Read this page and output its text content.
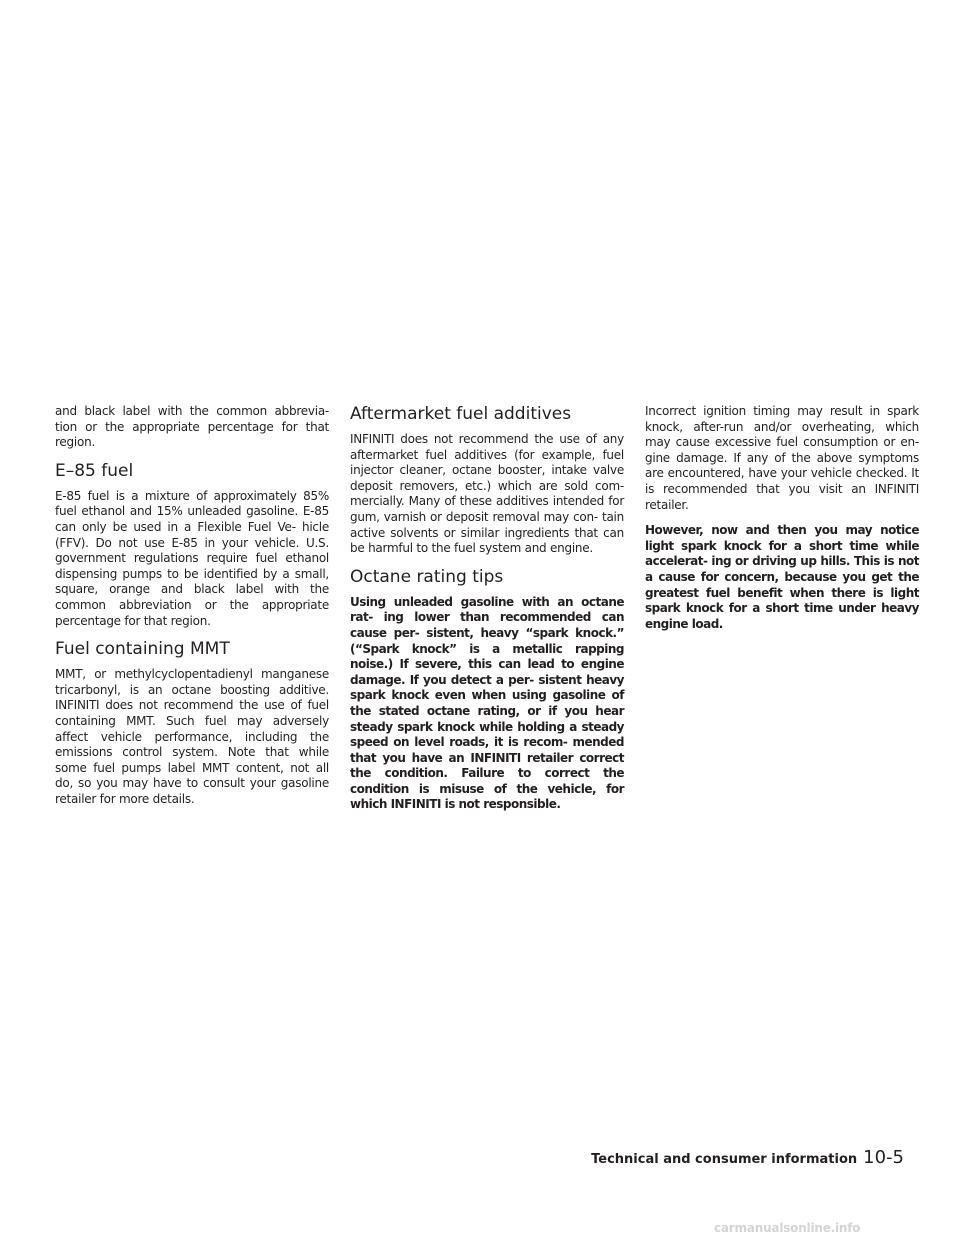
and black label with the common abbrevia- tion or the appropriate percentage for that region.

E–85 fuel

E-85 fuel is a mixture of approximately 85% fuel ethanol and 15% unleaded gasoline. E-85 can only be used in a Flexible Fuel Ve- hicle (FFV). Do not use E-85 in your vehicle. U.S. government regulations require fuel ethanol dispensing pumps to be identified by a small, square, orange and black label with the common abbreviation or the appropriate percentage for that region.

Fuel containing MMT

MMT, or methylcyclopentadienyl manganese tricarbonyl, is an octane boosting additive. INFINITI does not recommend the use of fuel containing MMT. Such fuel may adversely affect vehicle performance, including the emissions control system. Note that while some fuel pumps label MMT content, not all do, so you may have to consult your gasoline retailer for more details.

Aftermarket fuel additives

INFINITI does not recommend the use of any aftermarket fuel additives (for example, fuel injector cleaner, octane booster, intake valve deposit removers, etc.) which are sold com- mercially. Many of these additives intended for gum, varnish or deposit removal may con- tain active solvents or similar ingredients that can be harmful to the fuel system and engine.

Octane rating tips

Using unleaded gasoline with an octane rat- ing lower than recommended can cause per- sistent, heavy “spark knock.” (“Spark knock” is a metallic rapping noise.) If severe, this can lead to engine damage. If you detect a per- sistent heavy spark knock even when using gasoline of the stated octane rating, or if you hear steady spark knock while holding a steady speed on level roads, it is recom- mended that you have an INFINITI retailer correct the condition. Failure to correct the condition is misuse of the vehicle, for which INFINITI is not responsible.

Incorrect ignition timing may result in spark knock, after-run and/or overheating, which may cause excessive fuel consumption or en- gine damage. If any of the above symptoms are encountered, have your vehicle checked. It is recommended that you visit an INFINITI retailer.

However, now and then you may notice light spark knock for a short time while accelerat- ing or driving up hills. This is not a cause for concern, because you get the greatest fuel benefit when there is light spark knock for a short time under heavy engine load.

Technical and consumer information 10-5
carmanualsonline.info
